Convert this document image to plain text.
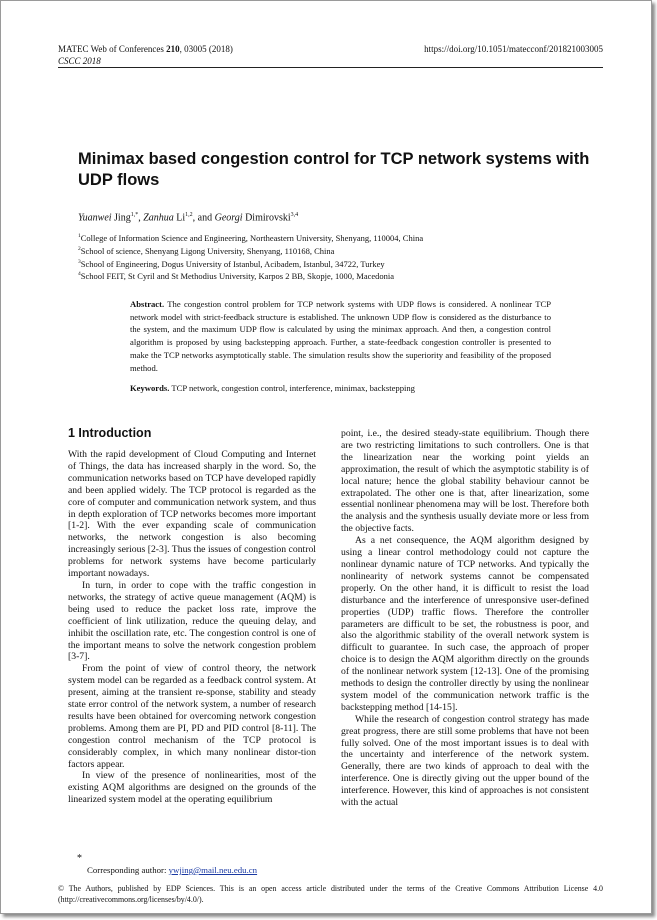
MATEC Web of Conferences 210, 03005 (2018)
CSCC 2018
https://doi.org/10.1051/matecconf/201821003005
Minimax based congestion control for TCP network systems with UDP flows
Yuanwei Jing$^{1,*}$, Zanhua Li$^{1,2}$, and Georgi Dimirovski$^{3,4}$
$^1$College of Information Science and Engineering, Northeastern University, Shenyang, 110004, China
$^2$School of science, Shenyang Ligong University, Shenyang, 110168, China
$^3$School of Engineering, Dogus University of Istanbul, Acibadem, Istanbul, 34722, Turkey
$^4$School FEIT, St Cyril and St Methodius University, Karpos 2 BB, Skopje, 1000, Macedonia

Abstract. The congestion control problem for TCP network systems with UDP flows is considered. A nonlinear TCP network model with strict-feedback structure is established. The unknown UDP flow is considered as the disturbance to the system, and the maximum UDP flow is calculated by using the minimax approach. And then, a congestion control algorithm is proposed by using backstepping approach. Further, a state-feedback congestion controller is presented to make the TCP networks asymptotically stable. The simulation results show the superiority and feasibility of the proposed method.

Keywords. TCP network, congestion control, interference, minimax, backstepping
1 Introduction

With the rapid development of Cloud Computing and Internet of Things, the data has increased sharply in the word. So, the communication networks based on TCP have developed rapidly and been applied widely. The TCP protocol is regarded as the core of computer and communication network system, and thus in depth exploration of TCP networks becomes more important [1-2]. With the ever expanding scale of communication networks, the network congestion is also becoming increasingly serious [2-3]. Thus the issues of congestion control problems for network systems have become particularly important nowadays.

In turn, in order to cope with the traffic congestion in networks, the strategy of active queue management (AQM) is being used to reduce the packet loss rate, improve the coefficient of link utilization, reduce the queuing delay, and inhibit the oscillation rate, etc. The congestion control is one of the important means to solve the network congestion problem [3-7].

From the point of view of control theory, the network system model can be regarded as a feedback control system. At present, aiming at the transient re-sponse, stability and steady state error control of the network system, a number of research results have been obtained for overcoming network congestion problems. Among them are PI, PD and PID control [8-11]. The congestion control mechanism of the TCP protocol is considerably complex, in which many nonlinear distor-tion factors appear.

In view of the presence of nonlinearities, most of the existing AQM algorithms are designed on the grounds of the linearized system model at the operating equilibrium

point, i.e., the desired steady-state equilibrium. Though there are two restricting limitations to such controllers. One is that the linearization near the working point yields an approximation, the result of which the asymptotic stability is of local nature; hence the global stability behaviour cannot be extrapolated. The other one is that, after linearization, some essential nonlinear phenomena may will be lost. Therefore both the analysis and the synthesis usually deviate more or less from the objective facts.

As a net consequence, the AQM algorithm designed by using a linear control methodology could not capture the nonlinear dynamic nature of TCP networks. And typically the nonlinearity of network systems cannot be compensated properly. On the other hand, it is difficult to resist the load disturbance and the interference of unresponsive user-defined properties (UDP) traffic flows. Therefore the controller parameters are difficult to be set, the robustness is poor, and also the algorithmic stability of the overall network system is difficult to guarantee. In such case, the approach of proper choice is to design the AQM algorithm directly on the grounds of the nonlinear network system [12-13]. One of the promising methods to design the controller directly by using the nonlinear system model of the communication network traffic is the backstepping method [14-15].

While the research of congestion control strategy has made great progress, there are still some problems that have not been fully solved. One of the most important issues is to deal with the uncertainty and interference of the network system. Generally, there are two kinds of approach to deal with the interference. One is directly giving out the upper bound of the interference. However, this kind of approaches is not consistent with the actual

*
Corresponding author: ywjing@mail.neu.edu.cn

© The Authors, published by EDP Sciences. This is an open access article distributed under the terms of the Creative Commons Attribution License 4.0 (http://creativecommons.org/licenses/by/4.0/).
